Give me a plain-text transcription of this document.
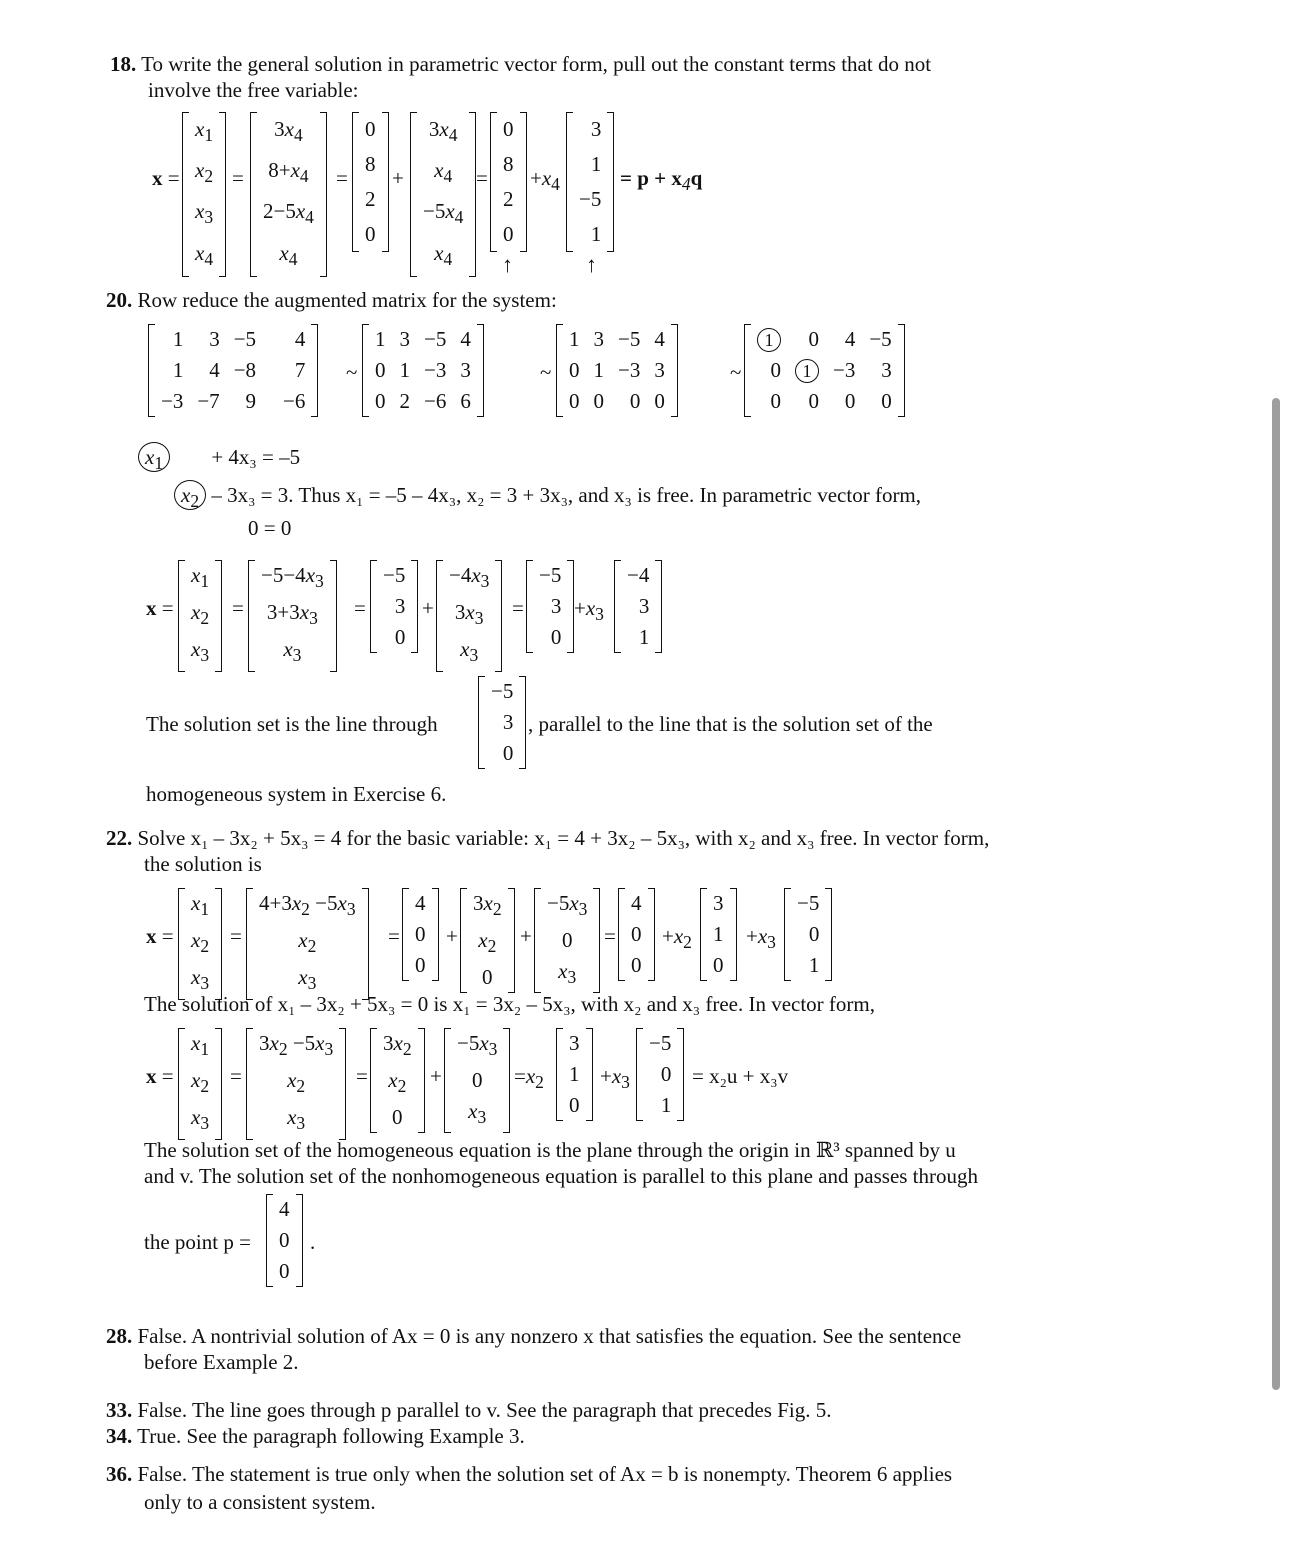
18. To write the general solution in parametric vector form, pull out the constant terms that do not
involve the free variable:
x =
$x_1$
$x_2$
$x_3$
$x_4$
=
$3x_4$
$8+x_4$
$2-5x_4$
$x_4$
=
0
8
2
0
+
$3x_4$
$x_4$
$-5x_4$
$x_4$
=
0
8
2
0
$+x_4$
3
1
−5
1
= $p + x_4q$
↑	↑
20. Row reduce the augmented matrix for the system:
1	3	−5	4
1	4	−8	7
−3	−7	9	−6
~
1	3	−5	4
0	1	−3	3
0	2	−6	6
~
1	3	−5	4
0	1	−3	3
0	0	0	0
~
1	0	4	−5
0	1	−3	3
0	0	0	0
$x_1 + 4x_3 = -5$
$x_2 - 3x_3 = 3$. Thus x₁ = –5 – 4x₃, x₂ = 3 + 3x₃, and x₃ is free. In parametric vector form,
0 = 0
x =
$x_1$
$x_2$
$x_3$
=
$-5-4x_3$
$3+3x_3$
$x_3$
=
−5
3
0
+
$-4x_3$
$3x_3$
$x_3$
=
−5
3
0
$+x_3$
−4
3
1
The solution set is the line through
−5
3
0
, parallel to the line that is the solution set of the
homogeneous system in Exercise 6.
22. Solve x₁ – 3x₂ + 5x₃ = 4 for the basic variable: x₁ = 4 + 3x₂ – 5x₃, with x₂ and x₃ free. In vector form,
the solution is
x =
$x_1$
$x_2$
$x_3$
=
$4+3x_2 -5x_3$
$x_2$
$x_3$
=
4
0
0
+
$3x_2$
$x_2$
0
+
$-5x_3$
0
$x_3$
=
4
0
0
$+x_2$
3
1
0
$+x_3$
−5
0
1
The solution of x₁ – 3x₂ + 5x₃ = 0 is x₁ = 3x₂ – 5x₃, with x₂ and x₃ free. In vector form,
x =
$x_1$
$x_2$
$x_3$
=
$3x_2 -5x_3$
$x_2$
$x_3$
=
$3x_2$
$x_2$
0
+
$-5x_3$
0
$x_3$
$=x_2$
3
1
0
$+x_3$
−5
0
1
= x₂u + x₃v
The solution set of the homogeneous equation is the plane through the origin in ℝ³ spanned by u
and v. The solution set of the nonhomogeneous equation is parallel to this plane and passes through
the point p =
4
0
0
.
28. False. A nontrivial solution of Ax = 0 is any nonzero x that satisfies the equation. See the sentence
before Example 2.
33. False. The line goes through p parallel to v. See the paragraph that precedes Fig. 5.
34. True. See the paragraph following Example 3.
36. False. The statement is true only when the solution set of Ax = b is nonempty. Theorem 6 applies
only to a consistent system.
